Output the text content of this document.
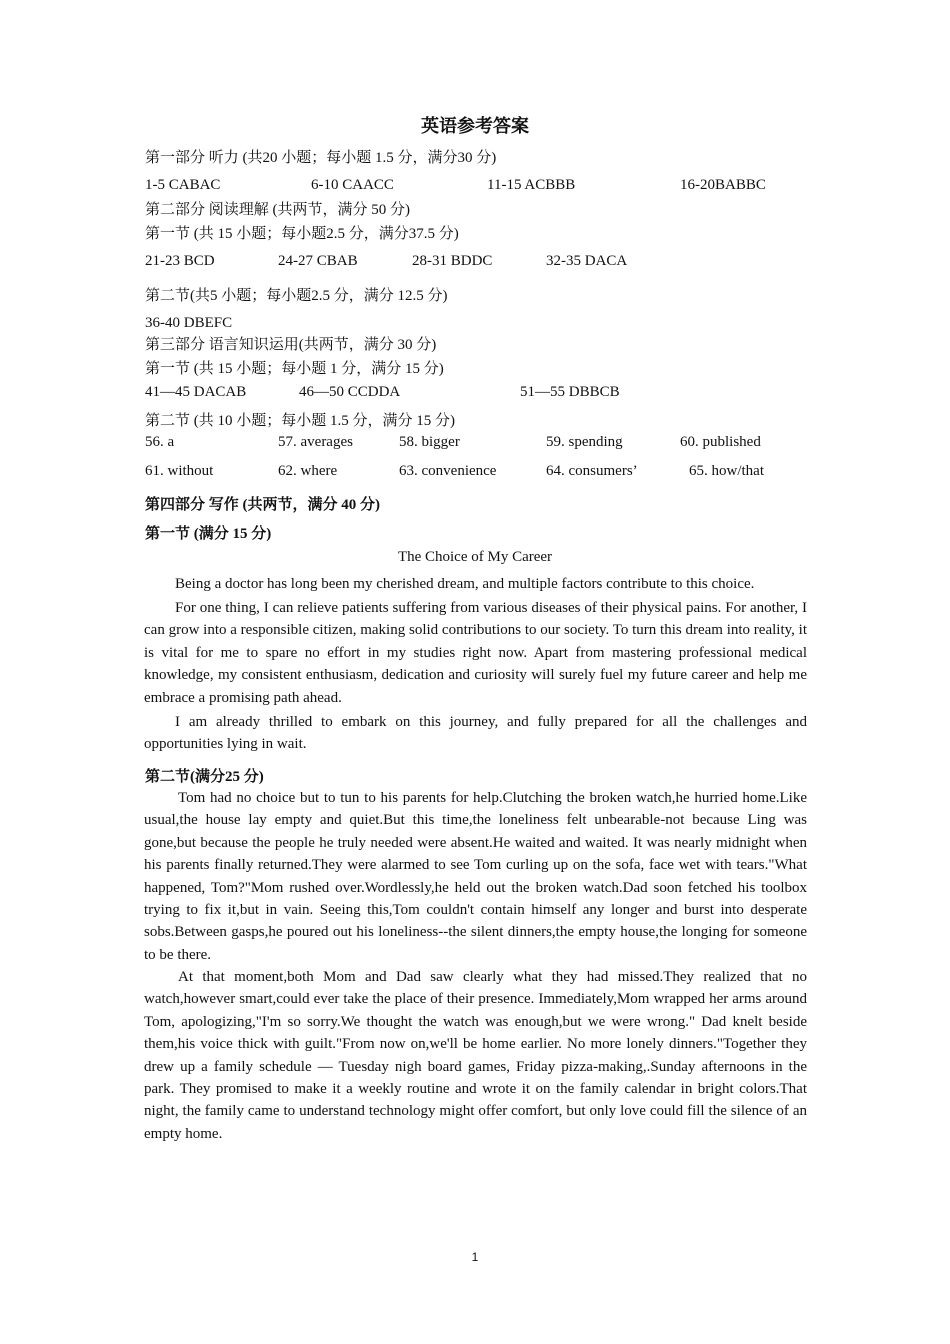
英语参考答案
第一部分 听力 (共20 小题；每小题 1.5 分，满分30 分)
1-5 CABAC	6-10 CAACC	11-15 ACBBB	16-20BABBC
第二部分 阅读理解 (共两节，满分 50 分)
第一节 (共 15 小题；每小题2.5 分，满分37.5 分)
21-23 BCD	24-27 CBAB	28-31 BDDC	32-35 DACA
第二节(共5 小题；每小题2.5 分，满分 12.5 分)
36-40 DBEFC
第三部分 语言知识运用(共两节，满分 30 分)
第一节 (共 15 小题；每小题 1 分，满分 15 分)
41—45 DACAB	46—50 CCDDA	51—55 DBBCB
第二节 (共 10 小题；每小题 1.5 分，满分 15 分)
56. a	57. averages	58. bigger	59. spending	60. published
61. without	62. where	63. convenience	64. consumers’	65. how/that
第四部分 写作 (共两节，满分 40 分)
第一节 (满分 15 分)
The Choice of My Career

Being a doctor has long been my cherished dream, and multiple factors contribute to this choice.

For one thing, I can relieve patients suffering from various diseases of their physical pains. For another, I can grow into a responsible citizen, making solid contributions to our society. To turn this dream into reality, it is vital for me to spare no effort in my studies right now. Apart from mastering professional medical knowledge, my consistent enthusiasm, dedication and curiosity will surely fuel my future career and help me embrace a promising path ahead.

I am already thrilled to embark on this journey, and fully prepared for all the challenges and opportunities lying in wait.

第二节(满分25 分)

Tom had no choice but to tun to his parents for help.Clutching the broken watch,he hurried home.Like usual,the house lay empty and quiet.But this time,the loneliness felt unbearable-not because Ling was gone,but because the people he truly needed were absent.He waited and waited. It was nearly midnight when his parents finally returned.They were alarmed to see Tom curling up on the sofa, face wet with tears."What happened, Tom?"Mom rushed over.Wordlessly,he held out the broken watch.Dad soon fetched his toolbox trying to fix it,but in vain. Seeing this,Tom couldn't contain himself any longer and burst into desperate sobs.Between gasps,he poured out his loneliness--the silent dinners,the empty house,the longing for someone to be there.

At that moment,both Mom and Dad saw clearly what they had missed.They realized that no watch,however smart,could ever take the place of their presence. Immediately,Mom wrapped her arms around Tom, apologizing,"I'm so sorry.We thought the watch was enough,but we were wrong." Dad knelt beside them,his voice thick with guilt."From now on,we'll be home earlier. No more lonely dinners."Together they drew up a family schedule — Tuesday nigh board games, Friday pizza-making,.Sunday afternoons in the park. They promised to make it a weekly routine and wrote it on the family calendar in bright colors.That night, the family came to understand technology might offer comfort, but only love could fill the silence of an empty home.

1
